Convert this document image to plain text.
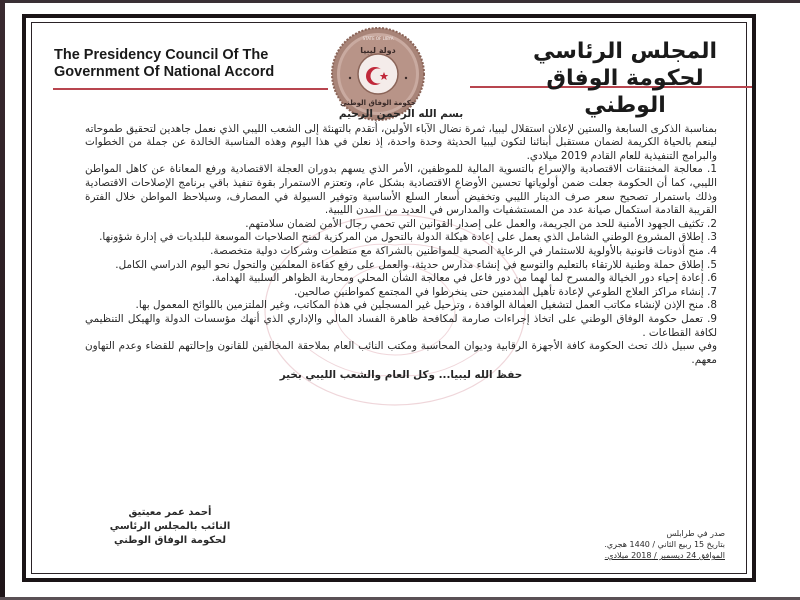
The Presidency Council Of The
Government Of National Accord
STATE OF LIBYA
دولة ليبيا
حكومة الوفاق الوطني
المجلس الرئاسي
لحكومة الوفاق الوطني
بسم الله الرحمن الرحيم

بمناسبة الذكرى السابعة والستين لإعلان استقلال ليبيا، ثمرة نضال الآباء الأولين، أتقدم بالتهنئة إلى الشعب الليبي الذي نعمل جاهدين لتحقيق طموحاته لينعم بالحياة الكريمة لضمان مستقبل أبنائنا لتكون ليبيا الحديثة وحدة واحدة، إذ نعلن في هذا اليوم وهذه المناسبة الخالدة عن جملة من الخطوات والبرامج التنفيذية للعام القادم 2019 ميلادي.

1. معالجة المختنقات الاقتصادية والإسراع بالتسوية المالية للموظفين، الأمر الذي يسهم بدوران العجلة الاقتصادية ورفع المعاناة عن كاهل المواطن الليبي، كما أن الحكومة جعلت ضمن أولوياتها تحسين الأوضاع الاقتصادية بشكل عام، وتعتزم الاستمرار بقوة تنفيذ باقي برنامج الإصلاحات الاقتصادية وذلك باستمرار تصحيح سعر صرف الدينار الليبي وتخفيض أسعار السلع الأساسية وتوفير السيولة في المصارف، وسيلاحظ المواطن خلال الفترة القريبة القادمة استكمال صيانة عدد من المستشفيات والمدارس في العديد من المدن الليبية.

2. تكثيف الجهود الأمنية للحد من الجريمة، والعمل على إصدار القوانين التي تحمي رجال الأمن لضمان سلامتهم.

3. إطلاق المشروع الوطني الشامل الذي يعمل على إعادة هيكلة الدولة بالتحول من المركزية لمنح الصلاحيات الموسعة للبلديات في إدارة شؤونها.

4. منح أذونات قانونية بالأولوية للاستثمار في الرعاية الصحية للمواطنين بالشراكة مع منظمات وشركات دولية متخصصة.

5. إطلاق حملة وطنية للارتقاء بالتعليم والتوسع في إنشاء مدارس حديثة، والعمل على رفع كفاءة المعلمين والتحول نحو اليوم الدراسي الكامل.

6. إعادة إحياء دور الخيالة والمسرح لما لهما من دور فاعل في معالجة الشأن المحلي ومحاربة الظواهر السلبية الهدامة.

7. إنشاء مراكز العلاج الطوعي لإعادة تأهيل المدمنين حتى ينخرطوا في المجتمع كمواطنين صالحين.

8. منح الإذن لإنشاء مكاتب العمل لتشغيل العمالة الوافدة ، وترحيل غير المسجلين في هذه المكاتب، وغير الملتزمين باللوائح المعمول بها.

9. تعمل حكومة الوفاق الوطني على اتخاذ إجراءات صارمة لمكافحة ظاهرة الفساد المالي والإداري الذي أنهك مؤسسات الدولة والهيكل التنظيمي لكافة القطاعات .

وفي سبيل ذلك تحث الحكومة كافة الأجهزة الرقابية وديوان المحاسبة ومكتب النائب العام بملاحقة المخالفين للقانون وإحالتهم للقضاء وعدم التهاون معهم.

حفظ الله ليبيا... وكل العام والشعب الليبي بخير
أحمد عمر معيتيق
النائب بالمجلس الرئاسي
لحكومة الوفاق الوطني
صدر في طرابلس
بتاريخ 15 ربيع الثاني / 1440 هجري.
الموافق 24 ديسمبر / 2018 ميلادي.
